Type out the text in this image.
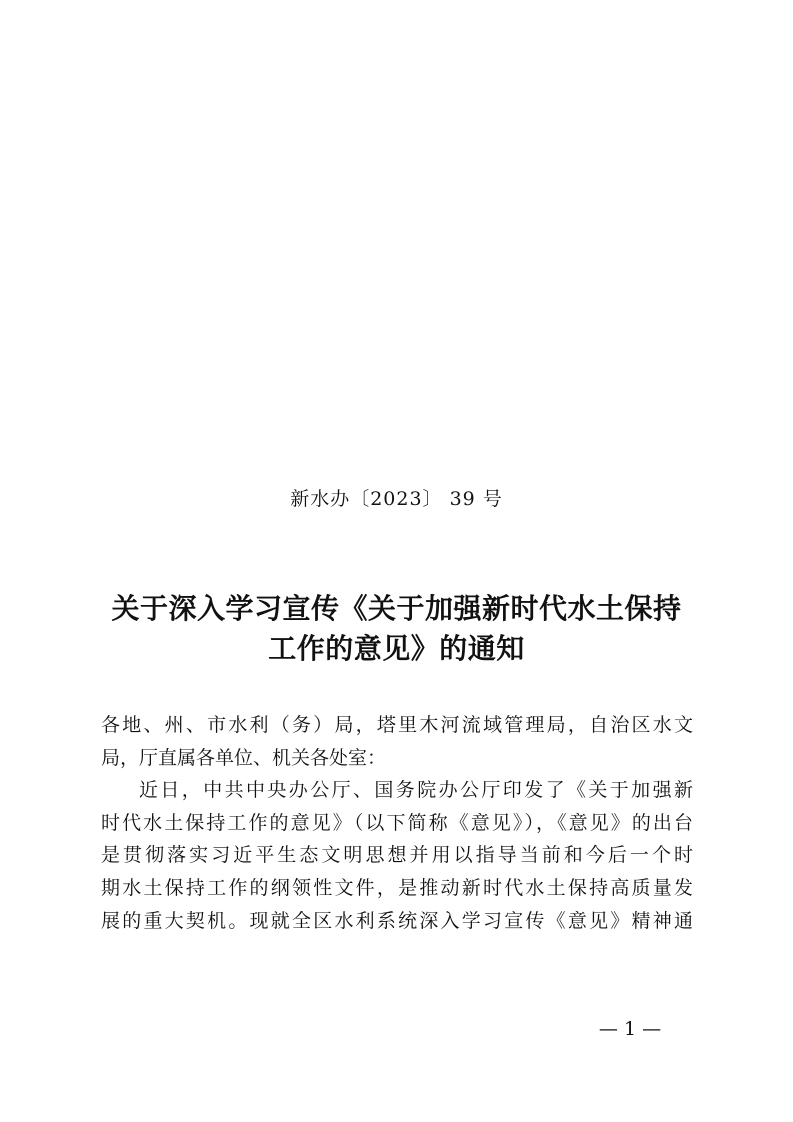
新水办〔2023〕 39 号
关于深入学习宣传《关于加强新时代水土保持
工作的意见》的通知
各地、州、市水利（务）局，塔里木河流域管理局，自治区水文
局，厅直属各单位、机关各处室：
近日，中共中央办公厅、国务院办公厅印发了《关于加强新
时代水土保持工作的意见》（以下简称《意见》），《意见》的出台
是贯彻落实习近平生态文明思想并用以指导当前和今后一个时
期水土保持工作的纲领性文件，是推动新时代水土保持高质量发
展的重大契机。现就全区水利系统深入学习宣传《意见》精神通
— 1 —
